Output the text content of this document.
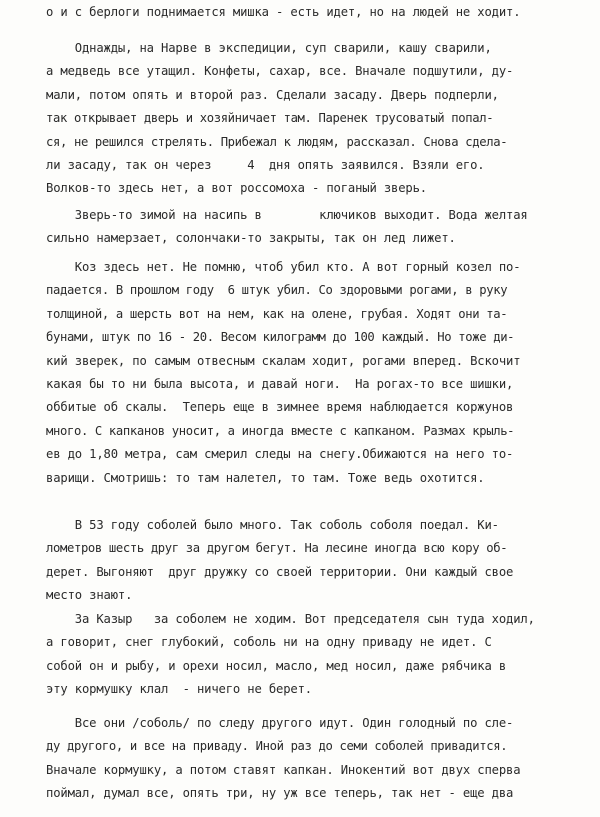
о и с берлоги поднимается мишка - есть идет, но на людей не ходит.
Однажды, на Нарве в экспедиции, суп сварили, кашу сварили,
а медведь все утащил. Конфеты, сахар, все. Вначале подшутили, ду-
мали, потом опять и второй раз. Сделали засаду. Дверь подперли,
так открывает дверь и хозяйничает там. Паренек трусоватый попал-
ся, не решился стрелять. Прибежал к людям, рассказал. Снова сдела-
ли засаду, так он через     4  дня опять заявился. Взяли его.
Волков-то здесь нет, а вот россомоха - поганый зверь.
Зверь-то зимой на насипь в        ключиков выходит. Вода желтая
сильно намерзает, солончаки-то закрыты, так он лед лижет.
Коз здесь нет. Не помню, чтоб убил кто. А вот горный козел по-
падается. В прошлом году  6 штук убил. Со здоровыми рогами, в руку
толщиной, а шерсть вот на нем, как на олене, грубая. Ходят они та-
бунами, штук по 16 - 20. Весом килограмм до 100 каждый. Но тоже ди-
кий зверек, по самым отвесным скалам ходит, рогами вперед. Вскочит
какая бы то ни была высота, и давай ноги.  На рогах-то все шишки,
оббитые об скалы.  Теперь еще в зимнее время наблюдается коржунов
много. С капканов уносит, а иногда вместе с капканом. Размах крыль-
ев до 1,80 метра, сам смерил следы на снегу.Обижаются на него то-
варищи. Смотришь: то там налетел, то там. Тоже ведь охотится.
В 53 году соболей было много. Так соболь соболя поедал. Ки-
лометров шесть друг за другом бегут. На лесине иногда всю кору об-
дерет. Выгоняют  друг дружку со своей территории. Они каждый свое
место знают.
За Казыр   за соболем не ходим. Вот председателя сын туда ходил,
а говорит, снег глубокий, соболь ни на одну приваду не идет. С
собой он и рыбу, и орехи носил, масло, мед носил, даже рябчика в
эту кормушку клал  - ничего не берет.
Все они /соболь/ по следу другого идут. Один голодный по сле-
ду другого, и все на приваду. Иной раз до семи соболей привадится.
Вначале кормушку, а потом ставят капкан. Инокентий вот двух сперва
поймал, думал все, опять три, ну уж все теперь, так нет - еще два
